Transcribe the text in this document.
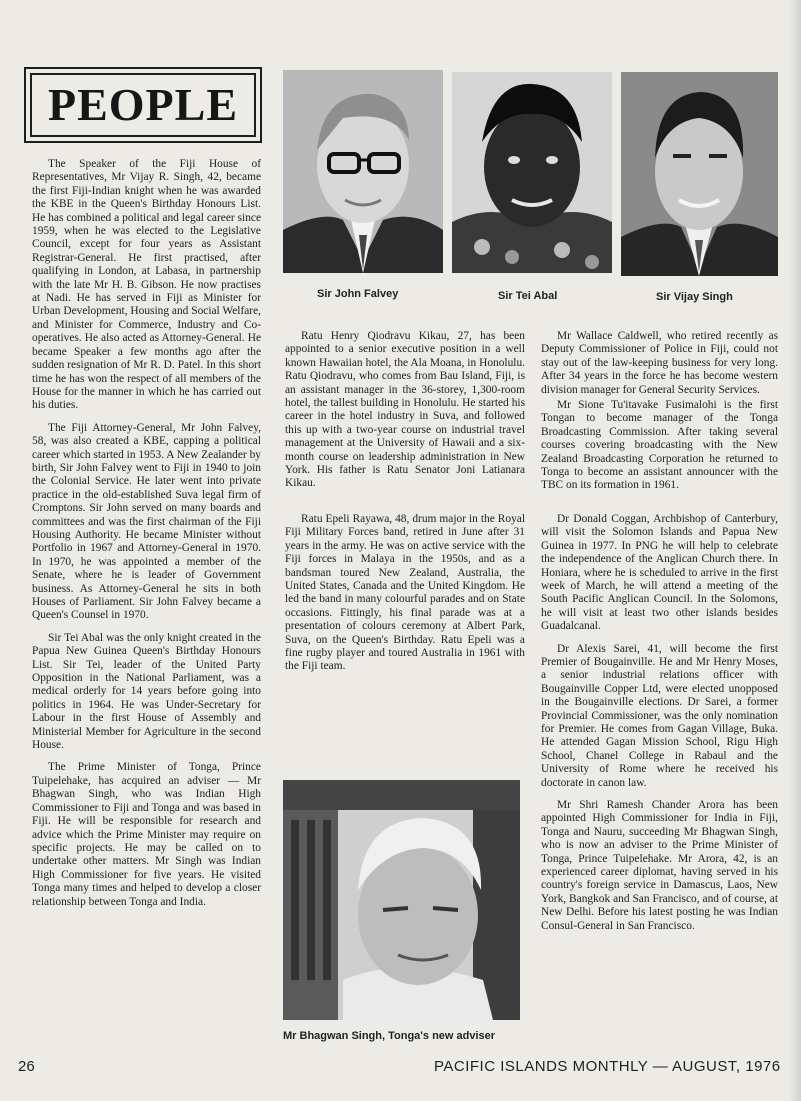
PEOPLE
Sir John Falvey	Sir Tei Abal	Sir Vijay Singh

The Speaker of the Fiji House of Representatives, Mr Vijay R. Singh, 42, became the first Fiji-Indian knight when he was awarded the KBE in the Queen's Birthday Honours List. He has combined a political and legal career since 1959, when he was elected to the Legislative Council, except for four years as Assistant Registrar-General. He first practised, after qualifying in London, at Labasa, in partnership with the late Mr H. B. Gibson. He now practises at Nadi. He has served in Fiji as Minister for Urban Development, Housing and Social Welfare, and Minister for Commerce, Industry and Co-operatives. He also acted as Attorney-General. He became Speaker a few months ago after the sudden resignation of Mr R. D. Patel. In this short time he has won the respect of all members of the House for the manner in which he has carried out his duties.

The Fiji Attorney-General, Mr John Falvey, 58, was also created a KBE, capping a political career which started in 1953. A New Zealander by birth, Sir John Falvey went to Fiji in 1940 to join the Colonial Service. He later went into private practice in the old-established Suva legal firm of Cromptons. Sir John served on many boards and committees and was the first chairman of the Fiji Housing Authority. He became Minister without Portfolio in 1967 and Attorney-General in 1970. In 1970, he was appointed a member of the Senate, where he is leader of Government business. As Attorney-General he sits in both Houses of Parliament. Sir John Falvey became a Queen's Counsel in 1970.

Sir Tei Abal was the only knight created in the Papua New Guinea Queen's Birthday Honours List. Sir Tei, leader of the United Party Opposition in the National Parliament, was a medical orderly for 14 years before going into politics in 1964. He was Under-Secretary for Labour in the first House of Assembly and Ministerial Member for Agriculture in the second House.

The Prime Minister of Tonga, Prince Tuipelehake, has acquired an adviser — Mr Bhagwan Singh, who was Indian High Commissioner to Fiji and Tonga and was based in Fiji. He will be responsible for research and advice which the Prime Minister may require on specific projects. He may be called on to undertake other matters. Mr Singh was Indian High Commissioner for five years. He visited Tonga many times and helped to develop a closer relationship between Tonga and India.

Ratu Henry Qiodravu Kikau, 27, has been appointed to a senior executive position in a well known Hawaiian hotel, the Ala Moana, in Honolulu. Ratu Qiodravu, who comes from Bau Island, Fiji, is an assistant manager in the 36-storey, 1,300-room hotel, the tallest building in Honolulu. He started his career in the hotel industry in Suva, and followed this up with a two-year course on industrial travel management at the University of Hawaii and a six-month course on leadership administration in New York. His father is Ratu Senator Joni Latianara Kikau.

Ratu Epeli Rayawa, 48, drum major in the Royal Fiji Military Forces band, retired in June after 31 years in the army. He was on active service with the Fiji forces in Malaya in the 1950s, and as a bandsman toured New Zealand, Australia, the United States, Canada and the United Kingdom. He led the band in many colourful parades and on State occasions. Fittingly, his final parade was at a presentation of colours ceremony at Albert Park, Suva, on the Queen's Birthday. Ratu Epeli was a fine rugby player and toured Australia in 1961 with the Fiji team.

Mr Bhagwan Singh, Tonga's new adviser

Mr Wallace Caldwell, who retired recently as Deputy Commissioner of Police in Fiji, could not stay out of the law-keeping business for very long. After 34 years in the force he has become western division manager for General Security Services.

Mr Sione Tu'itavake Fusimalohi is the first Tongan to become manager of the Tonga Broadcasting Commission. After taking several courses covering broadcasting with the New Zealand Broadcasting Corporation he returned to Tonga to become an assistant announcer with the TBC on its formation in 1961.

Dr Donald Coggan, Archbishop of Canterbury, will visit the Solomon Islands and Papua New Guinea in 1977. In PNG he will help to celebrate the independence of the Anglican Church there. In Honiara, where he is scheduled to arrive in the first week of March, he will attend a meeting of the South Pacific Anglican Council. In the Solomons, he will visit at least two other islands besides Guadalcanal.

Dr Alexis Sarei, 41, will become the first Premier of Bougainville. He and Mr Henry Moses, a senior industrial relations officer with Bougainville Copper Ltd, were elected unopposed in the Bougainville elections. Dr Sarei, a former Provincial Commissioner, was the only nomination for Premier. He comes from Gagan Village, Buka. He attended Gagan Mission School, Rigu High School, Chanel College in Rabaul and the University of Rome where he received his doctorate in canon law.

Mr Shri Ramesh Chander Arora has been appointed High Commissioner for India in Fiji, Tonga and Nauru, succeeding Mr Bhagwan Singh, who is now an adviser to the Prime Minister of Tonga, Prince Tuipelehake. Mr Arora, 42, is an experienced career diplomat, having served in his country's foreign service in Damascus, Laos, New York, Bangkok and San Francisco, and of course, at New Delhi. Before his latest posting he was Indian Consul-General in San Francisco.

26	PACIFIC ISLANDS MONTHLY — AUGUST, 1976
